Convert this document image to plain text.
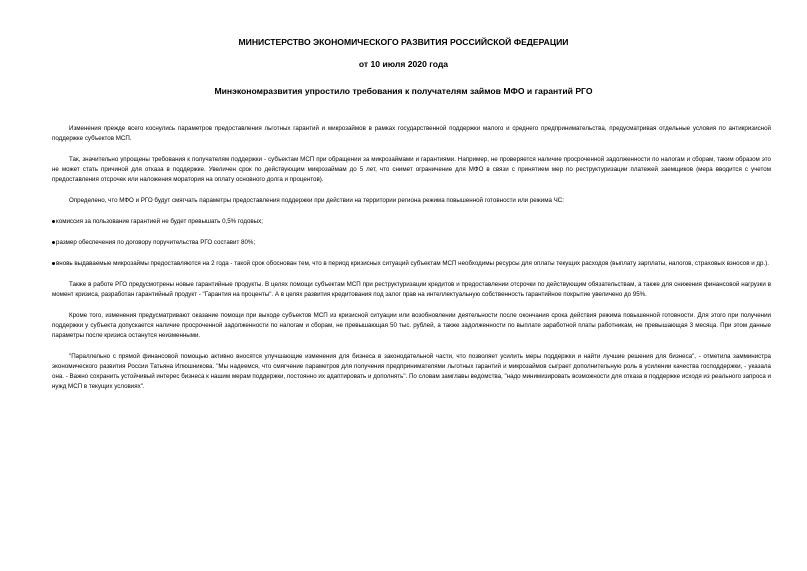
МИНИСТЕРСТВО ЭКОНОМИЧЕСКОГО РАЗВИТИЯ РОССИЙСКОЙ ФЕДЕРАЦИИ
от 10 июля 2020 года
Минэкономразвития упростило требования к получателям займов МФО и гарантий РГО

Изменения прежде всего коснулись параметров предоставления льготных гарантий и микрозаймов в рамках государственной поддержки малого и среднего предпринимательства, предусматривая отдельные условия по антикризисной поддержке субъектов МСП.

Так, значительно упрощены требования к получателям поддержки - субъектам МСП при обращении за микрозаймами и гарантиями. Например, не проверяется наличие просроченной задолженности по налогам и сборам, таким образом это не может стать причиной для отказа в поддержке. Увеличен срок по действующим микрозаймам до 5 лет, что снимет ограничение для МФО в связи с принятием мер по реструктуризации платежей заемщиков (мера вводится с учетом предоставления отсрочек или наложения моратория на оплату основного долга и процентов).

Определено, что МФО и РГО будут смягчать параметры предоставления поддержки при действии на территории региона режима повышенной готовности или режима ЧС:

комиссия за пользование гарантией не будет превышать 0,5% годовых;

размер обеспечения по договору поручительства РГО составит 80%;

вновь выдаваемые микрозаймы предоставляются на 2 года - такой срок обоснован тем, что в период кризисных ситуаций субъектам МСП необходимы ресурсы для оплаты текущих расходов (выплату зарплаты, налогов, страховых взносов и др.).

Также в работе РГО предусмотрены новые гарантийные продукты. В целях помощи субъектам МСП при реструктуризации кредитов и предоставлении отсрочки по действующим обязательствам, а также для снижения финансовой нагрузки в момент кризиса, разработан гарантийный продукт - "Гарантия на проценты". А в целях развития кредитования под залог прав на интеллектуальную собственность гарантийное покрытие увеличено до 95%.

Кроме того, изменения предусматривают оказание помощи при выходе субъектов МСП из кризисной ситуации или возобновлении деятельности после окончания срока действия режима повышенной готовности. Для этого при получении поддержки у субъекта допускается наличие просроченной задолженности по налогам и сборам, не превышающая 50 тыс. рублей, а также задолженности по выплате заработной платы работникам, не превышающая 3 месяца. При этом данные параметры после кризиса останутся неизменными.

"Параллельно с прямой финансовой помощью активно вносятся улучшающие изменения для бизнеса в законодательной части, что позволяет усилить меры поддержки и найти лучшие решения для бизнеса", - отметила замминистра экономического развития России Татьяна Илюшникова. "Мы надеемся, что смягчение параметров для получения предпринимателями льготных гарантий и микрозаймов сыграет дополнительную роль в усилении качества господдержки, - указала она. - Важно сохранить устойчивый интерес бизнеса к нашим мерам поддержки, постоянно их адаптировать и дополнять". По словам замглавы ведомства, "надо минимизировать возможности для отказа в поддержке исходя из реального запроса и нужд МСП в текущих условиях".
